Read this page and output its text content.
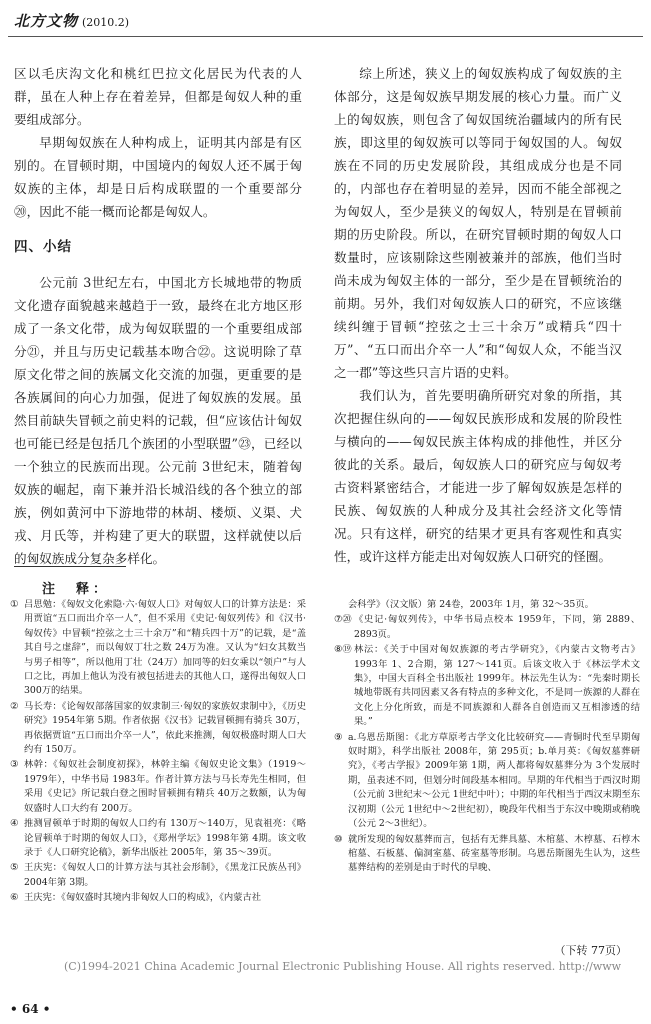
北方文物 (2010.2)

区以毛庆沟文化和桃红巴拉文化居民为代表的人群，虽在人种上存在着差异，但都是匈奴人种的重要组成部分。

早期匈奴族在人种构成上，证明其内部是有区别的。在冒顿时期，中国境内的匈奴人还不属于匈奴族的主体，却是日后构成联盟的一个重要部分⑳，因此不能一概而论都是匈奴人。

四、小结

公元前 3世纪左右，中国北方长城地带的物质文化遗存面貌越来越趋于一致，最终在北方地区形成了一条文化带，成为匈奴联盟的一个重要组成部分㉑，并且与历史记载基本吻合㉒。这说明除了草原文化带之间的族属文化交流的加强，更重要的是各族属间的向心力加强，促进了匈奴族的发展。虽然目前缺失冒顿之前史料的记载，但“应该估计匈奴也可能已经是包括几个族团的小型联盟”㉓，已经以一个独立的民族而出现。公元前 3世纪末，随着匈奴族的崛起，南下兼并沿长城沿线的各个独立的部族，例如黄河中下游地带的林胡、楼烦、义渠、犬戎、月氏等，并构建了更大的联盟，这样就使以后的匈奴族成分复杂多样化。

综上所述，狭义上的匈奴族构成了匈奴族的主体部分，这是匈奴族早期发展的核心力量。而广义上的匈奴族，则包含了匈奴国统治疆域内的所有民族，即这里的匈奴族可以等同于匈奴国的人。匈奴族在不同的历史发展阶段，其组成成分也是不同的，内部也存在着明显的差异，因而不能全部视之为匈奴人，至少是狭义的匈奴人，特别是在冒顿前期的历史阶段。所以，在研究冒顿时期的匈奴人口数量时，应该剔除这些刚被兼并的部族，他们当时尚未成为匈奴主体的一部分，至少是在冒顿统治的前期。另外，我们对匈奴族人口的研究，不应该继续纠缠于冒顿“控弦之士三十余万”或精兵“四十万”、“五口而出介卒一人”和“匈奴人众，不能当汉之一郡”等这些只言片语的史料。

我们认为，首先要明确所研究对象的所指，其次把握住纵向的——匈奴民族形成和发展的阶段性与横向的——匈奴民族主体构成的排他性，并区分彼此的关系。最后，匈奴族人口的研究应与匈奴考古资料紧密结合，才能进一步了解匈奴族是怎样的民族、匈奴族的人种成分及其社会经济文化等情况。只有这样，研究的结果才更具有客观性和真实性，或许这样方能走出对匈奴族人口研究的怪圈。

注　释：
① 吕思勉：《匈奴文化索隐·六·匈奴人口》对匈奴人口的计算方法是：采用贾谊“五口而出介卒一人”，但不采用《史记·匈奴列传》和《汉书·匈奴传》中冒顿“控弦之士三十余万”和“精兵四十万”的记载，是“盖其自号之虚辞”，而以匈奴丁壮之数 24万为准。又认为“妇女其数当与男子相等”，所以他用丁壮（24万）加同等的妇女乘以“领户”与人口之比，再加上他认为没有被包括进去的其他人口，遂得出匈奴人口 300万的结果。
② 马长寿：《论匈奴部落国家的奴隶制三·匈奴的家族奴隶制中》，《历史研究》1954年第 5期。作者依据《汉书》记载冒顿拥有骑兵 30万，再依据贾谊“五口而出介卒一人”，依此来推测，匈奴极盛时期人口大约有 150万。
③ 林幹：《匈奴社会制度初探》，林幹主编《匈奴史论文集》（1919～1979年），中华书局 1983年。作者计算方法与马长寿先生相同，但采用《史记》所记载白登之围时冒顿拥有精兵 40万之数额，认为匈奴盛时人口大约有 200万。
④ 推测冒顿单于时期的匈奴人口约有 130万～140万，见袁祖亮：《略论冒顿单于时期的匈奴人口》，《郑州学坛》1998年第 4期。该文收录于《人口研究论稿》，新华出版社 2005年，第 35～39页。
⑤ 王庆宪：《匈奴人口的计算方法与其社会形制》，《黑龙江民族丛刊》2004年第 3期。
⑥ 王庆宪：《匈奴盛时其境内非匈奴人口的构成》，《内蒙古社
会科学》（汉文版）第 24卷，2003年 1月，第 32～35页。
⑦⑳ 《史记·匈奴列传》，中华书局点校本 1959年，下同，第 2889、2893页。
⑧⑲ 林沄：《关于中国对匈奴族源的考古学研究》，《内蒙古文物考古》1993年 1、2合期，第 127～141页。后该文收入于《林沄学术文集》，中国大百科全书出版社 1999年。林沄先生认为：“先秦时期长城地带既有共同因素又各有特点的多种文化，不是同一族源的人群在文化上分化所致，而是不同族源和人群各自创造而又互相渗透的结果。”
⑨ a.乌恩岳斯图：《北方草原考古学文化比较研究——青铜时代至早期匈奴时期》，科学出版社 2008年，第 295页；b.单月英：《匈奴墓葬研究》，《考古学报》2009年第 1期，两人都将匈奴墓葬分为 3个发展时期，虽表述不同，但划分时间段基本相同。早期的年代相当于西汉时期（公元前 3世纪末～公元 1世纪中叶）；中期的年代相当于西汉末期至东汉初期（公元 1世纪中～2世纪初），晚段年代相当于东汉中晚期或稍晚（公元 2～3世纪）。
⑩ 就所发现的匈奴墓葬而言，包括有无葬具墓、木棺墓、木椁墓、石椁木棺墓、石板墓、偏洞室墓、砖室墓等形制。乌恩岳斯图先生认为，这些墓葬结构的差别是由于时代的早晚、
（下转 77页）
(C)1994-2021 China Academic Journal Electronic Publishing House. All rights reserved. http://www
• 64 •
